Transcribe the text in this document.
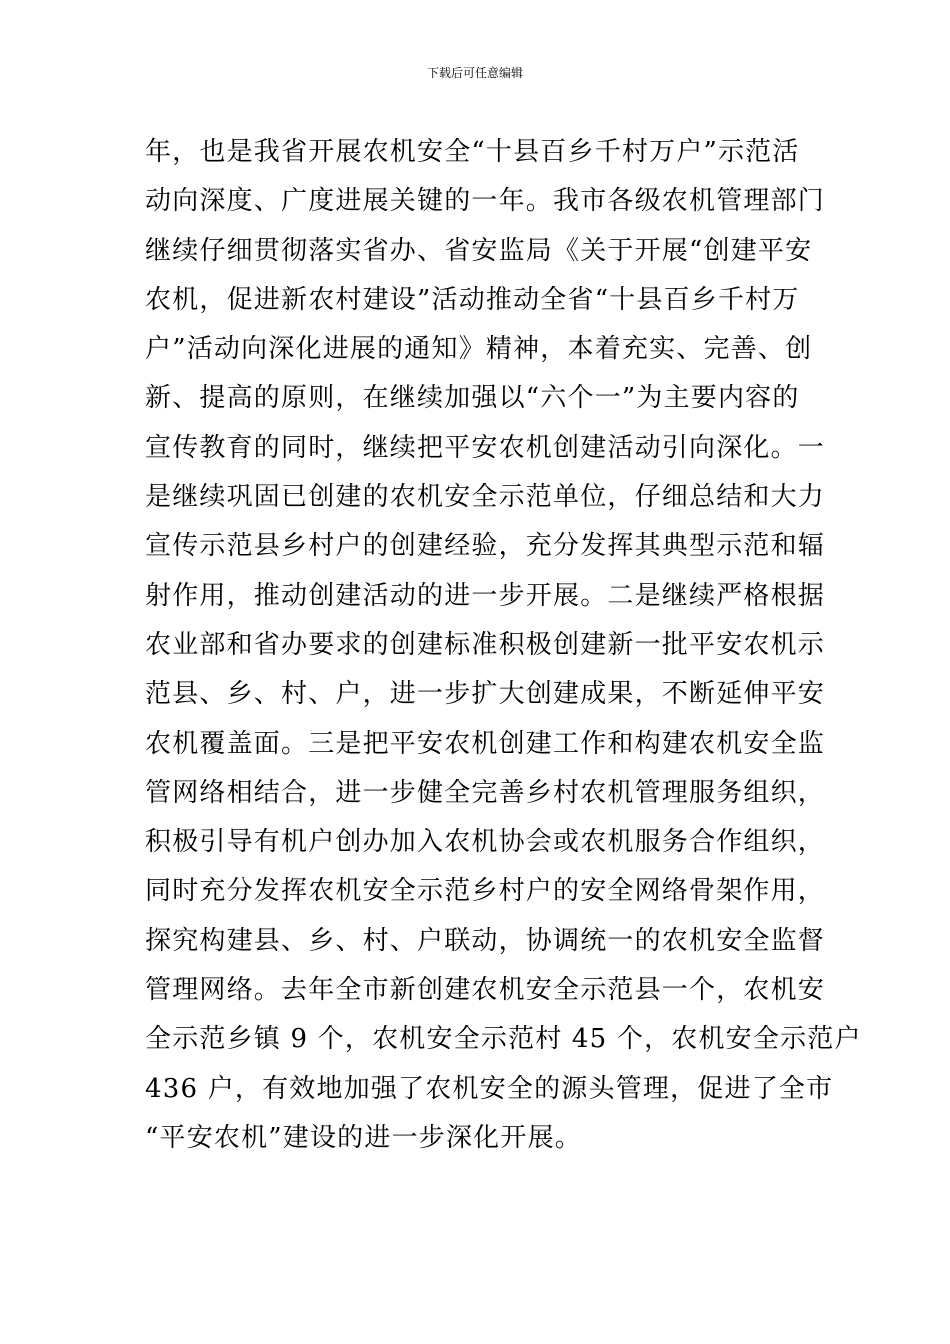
下载后可任意编辑
年，也是我省开展农机安全“十县百乡千村万户”示范活
动向深度、广度进展关键的一年。我市各级农机管理部门
继续仔细贯彻落实省办、省安监局《关于开展“创建平安
农机，促进新农村建设”活动推动全省“十县百乡千村万
户”活动向深化进展的通知》精神，本着充实、完善、创
新、提高的原则，在继续加强以“六个一”为主要内容的
宣传教育的同时，继续把平安农机创建活动引向深化。一
是继续巩固已创建的农机安全示范单位，仔细总结和大力
宣传示范县乡村户的创建经验，充分发挥其典型示范和辐
射作用，推动创建活动的进一步开展。二是继续严格根据
农业部和省办要求的创建标准积极创建新一批平安农机示
范县、乡、村、户，进一步扩大创建成果，不断延伸平安
农机覆盖面。三是把平安农机创建工作和构建农机安全监
管网络相结合，进一步健全完善乡村农机管理服务组织，
积极引导有机户创办加入农机协会或农机服务合作组织，
同时充分发挥农机安全示范乡村户的安全网络骨架作用，
探究构建县、乡、村、户联动，协调统一的农机安全监督
管理网络。去年全市新创建农机安全示范县一个，农机安
全示范乡镇 9 个，农机安全示范村 45 个，农机安全示范户
436 户，有效地加强了农机安全的源头管理，促进了全市
“平安农机”建设的进一步深化开展。
